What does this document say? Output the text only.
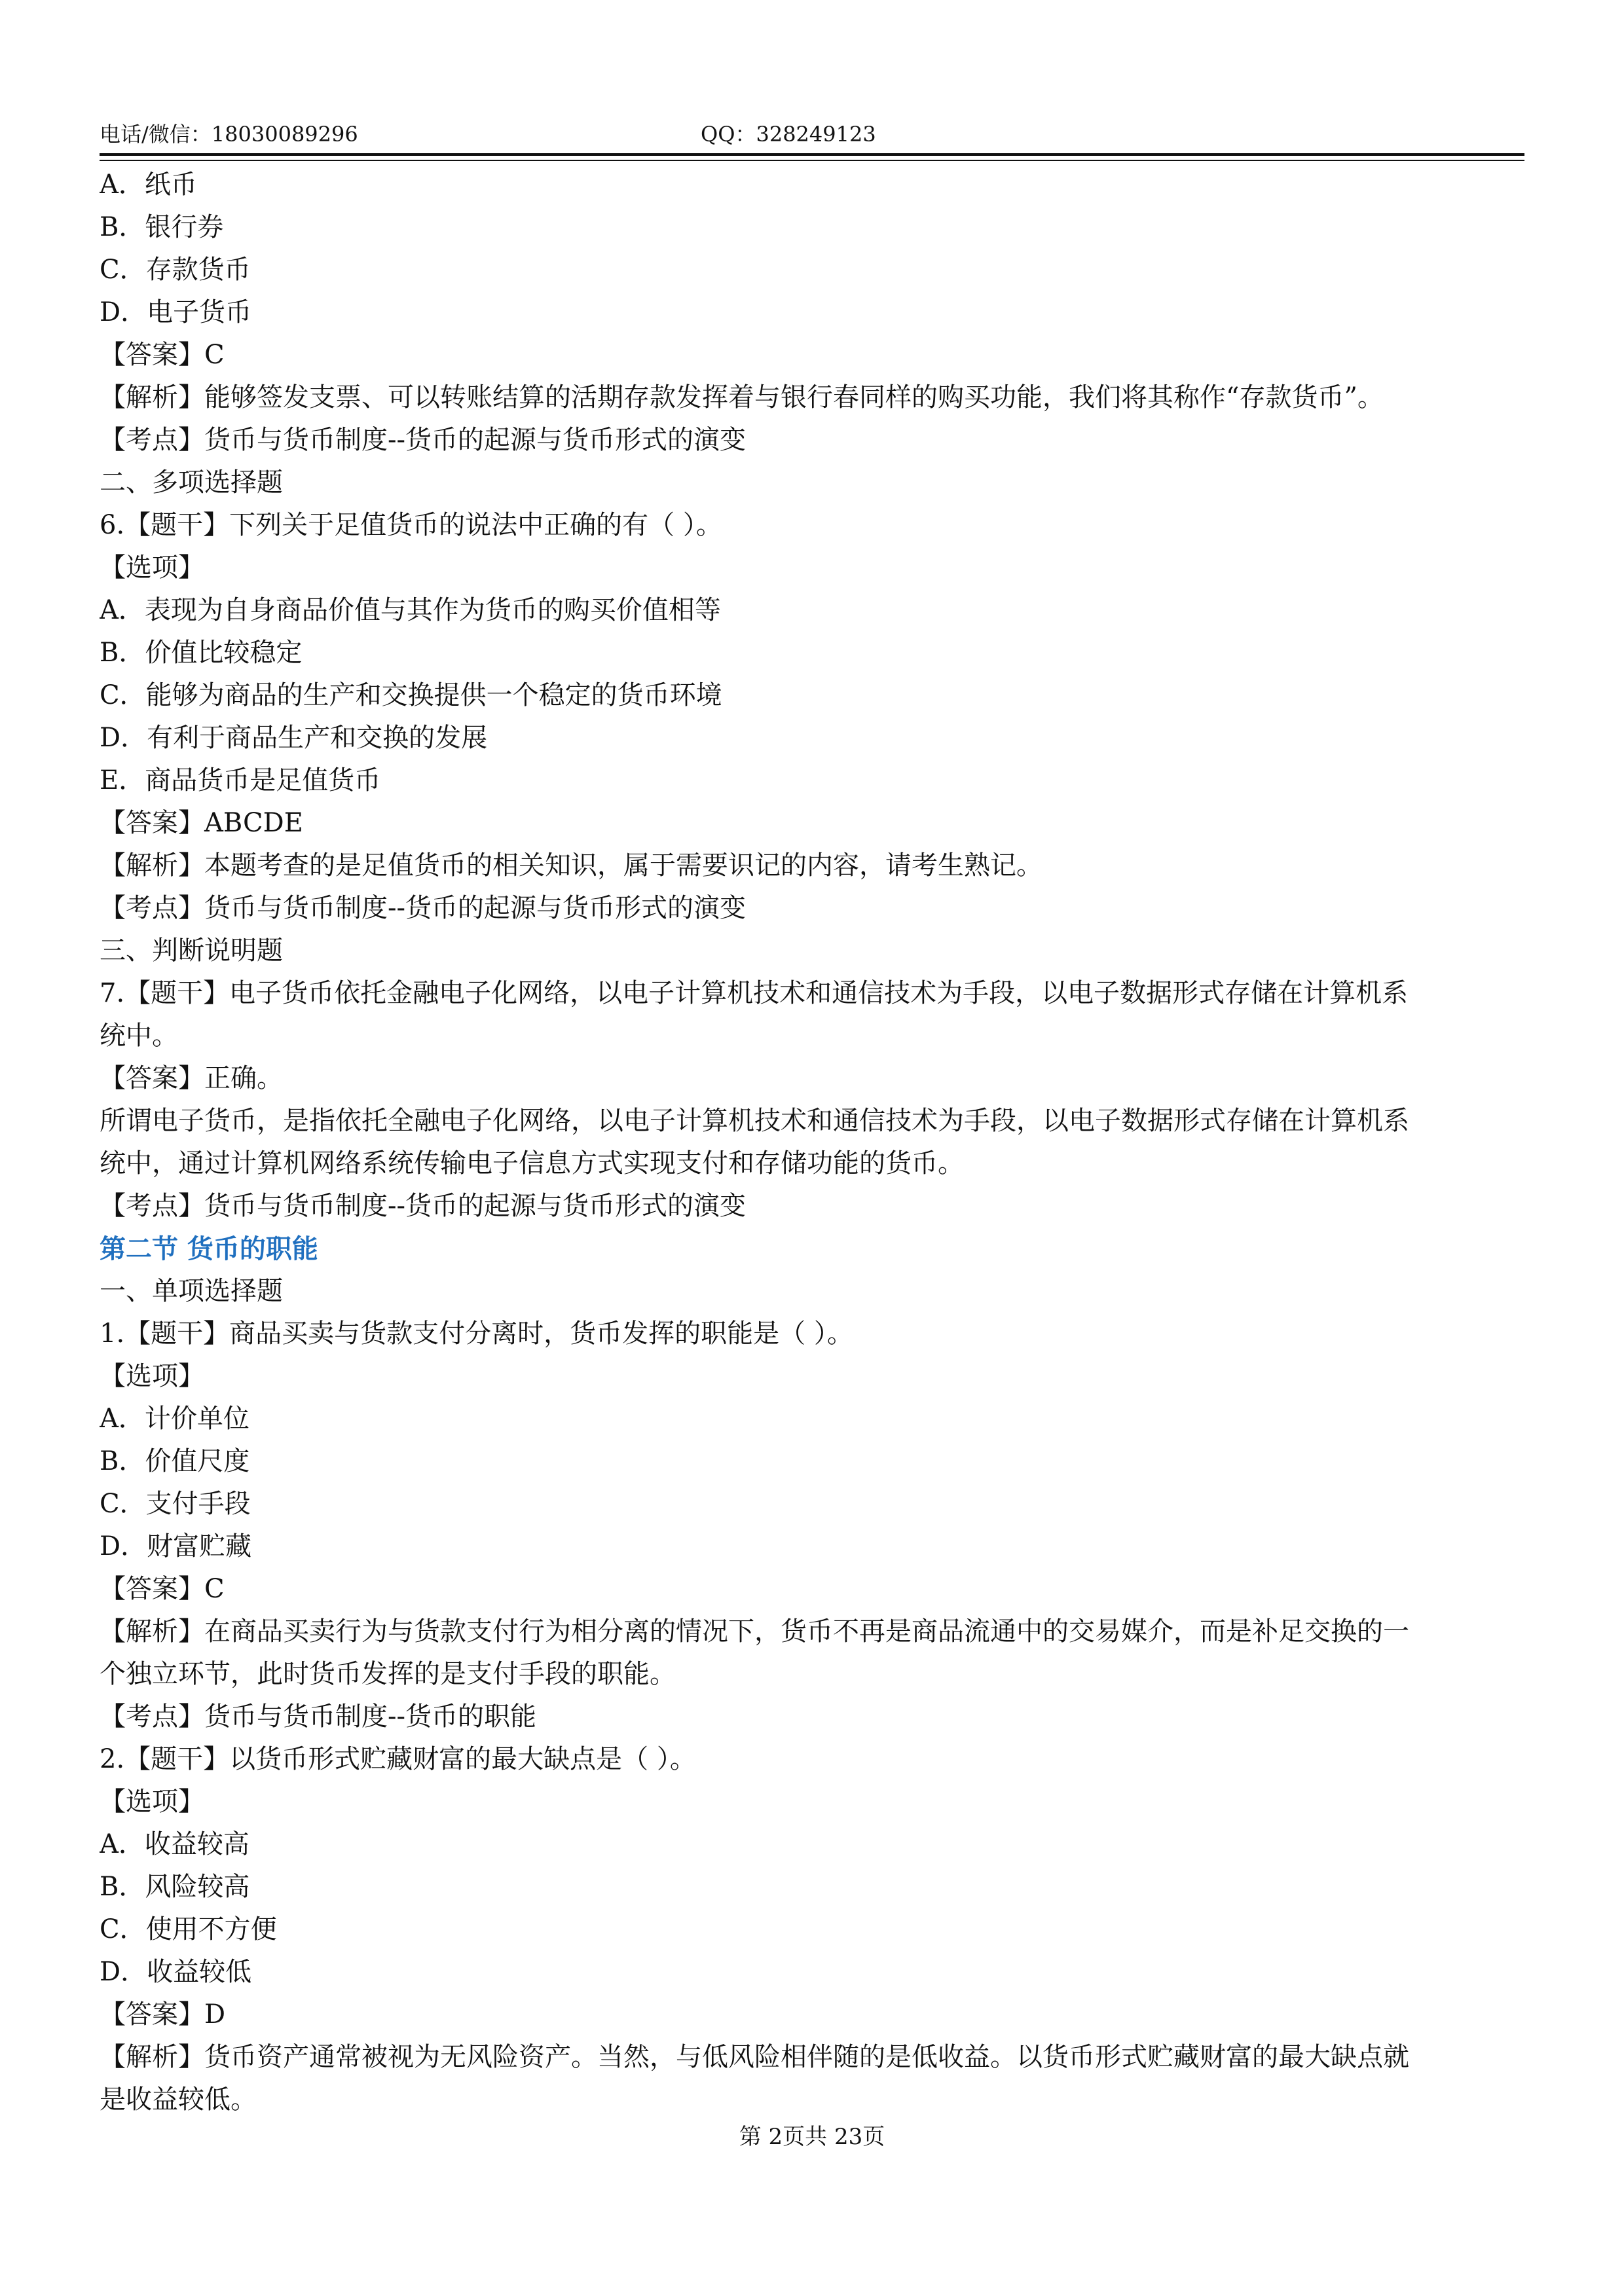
电话/微信：18030089296	QQ：328249123
A．纸币
B．银行券
C．存款货币
D．电子货币
【答案】C
【解析】能够签发支票、可以转账结算的活期存款发挥着与银行春同样的购买功能，我们将其称作“存款货币”。
【考点】货币与货币制度--货币的起源与货币形式的演变
二、多项选择题
6.【题干】下列关于足值货币的说法中正确的有（ ）。
【选项】
A．表现为自身商品价值与其作为货币的购买价值相等
B．价值比较稳定
C．能够为商品的生产和交换提供一个稳定的货币环境
D．有利于商品生产和交换的发展
E．商品货币是足值货币
【答案】ABCDE
【解析】本题考查的是足值货币的相关知识，属于需要识记的内容，请考生熟记。
【考点】货币与货币制度--货币的起源与货币形式的演变
三、判断说明题
7.【题干】电子货币依托金融电子化网络，以电子计算机技术和通信技术为手段，以电子数据形式存储在计算机系
统中。
【答案】正确。
所谓电子货币，是指依托全融电子化网络，以电子计算机技术和通信技术为手段，以电子数据形式存储在计算机系
统中，通过计算机网络系统传输电子信息方式实现支付和存储功能的货币。
【考点】货币与货币制度--货币的起源与货币形式的演变
第二节 货币的职能
一、单项选择题
1.【题干】商品买卖与货款支付分离时，货币发挥的职能是（ ）。
【选项】
A．计价单位
B．价值尺度
C．支付手段
D．财富贮藏
【答案】C
【解析】在商品买卖行为与货款支付行为相分离的情况下，货币不再是商品流通中的交易媒介，而是补足交换的一
个独立环节，此时货币发挥的是支付手段的职能。
【考点】货币与货币制度--货币的职能
2.【题干】以货币形式贮藏财富的最大缺点是（ ）。
【选项】
A．收益较高
B．风险较高
C．使用不方便
D．收益较低
【答案】D
【解析】货币资产通常被视为无风险资产。当然，与低风险相伴随的是低收益。以货币形式贮藏财富的最大缺点就
是收益较低。
第 2页共 23页
